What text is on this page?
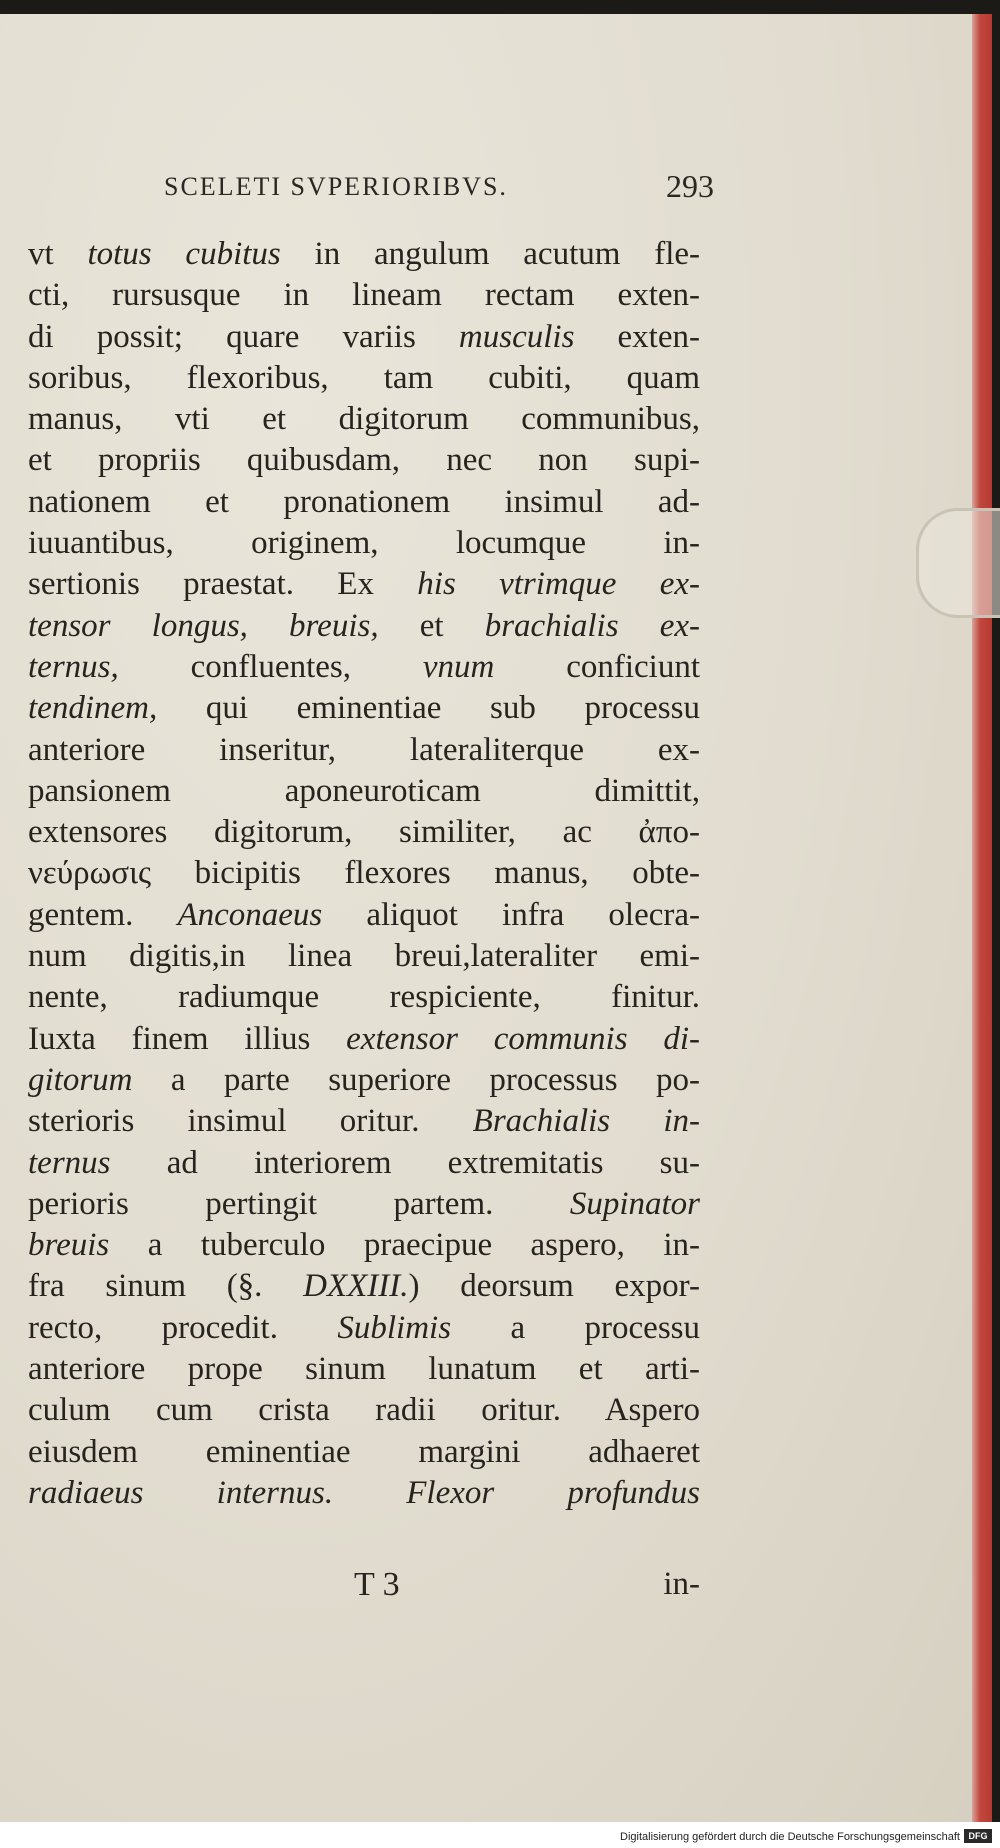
SCELETI SVPERIORIBVS.	293
vt totus cubitus in angulum acutum fle-
cti, rursusque in lineam rectam exten-
di possit; quare variis musculis exten-
soribus, flexoribus, tam cubiti, quam
manus, vti et digitorum communibus,
et propriis quibusdam, nec non supi-
nationem et pronationem insimul ad-
iuuantibus, originem, locumque in-
sertionis praestat. Ex his vtrimque ex-
tensor longus, breuis, et brachialis ex-
ternus, confluentes, vnum conficiunt
tendinem, qui eminentiae sub processu
anteriore inseritur, lateraliterque ex-
pansionem aponeuroticam dimittit,
extensores digitorum, similiter, ac ἀπο-
νεύρωσις bicipitis flexores manus, obte-
gentem. Anconaeus aliquot infra olecra-
num digitis,in linea breui,lateraliter emi-
nente, radiumque respiciente, finitur.
Iuxta finem illius extensor communis di-
gitorum a parte superiore processus po-
sterioris insimul oritur. Brachialis in-
ternus ad interiorem extremitatis su-
perioris pertingit partem. Supinator
breuis a tuberculo praecipue aspero, in-
fra sinum (§. DXXIII.) deorsum expor-
recto, procedit. Sublimis a processu
anteriore prope sinum lunatum et arti-
culum cum crista radii oritur. Aspero
eiusdem eminentiae margini adhaeret
radiaeus internus. Flexor profundus
T 3	in-
Digitalisierung gefördert durch die Deutsche Forschungsgemeinschaft DFG
